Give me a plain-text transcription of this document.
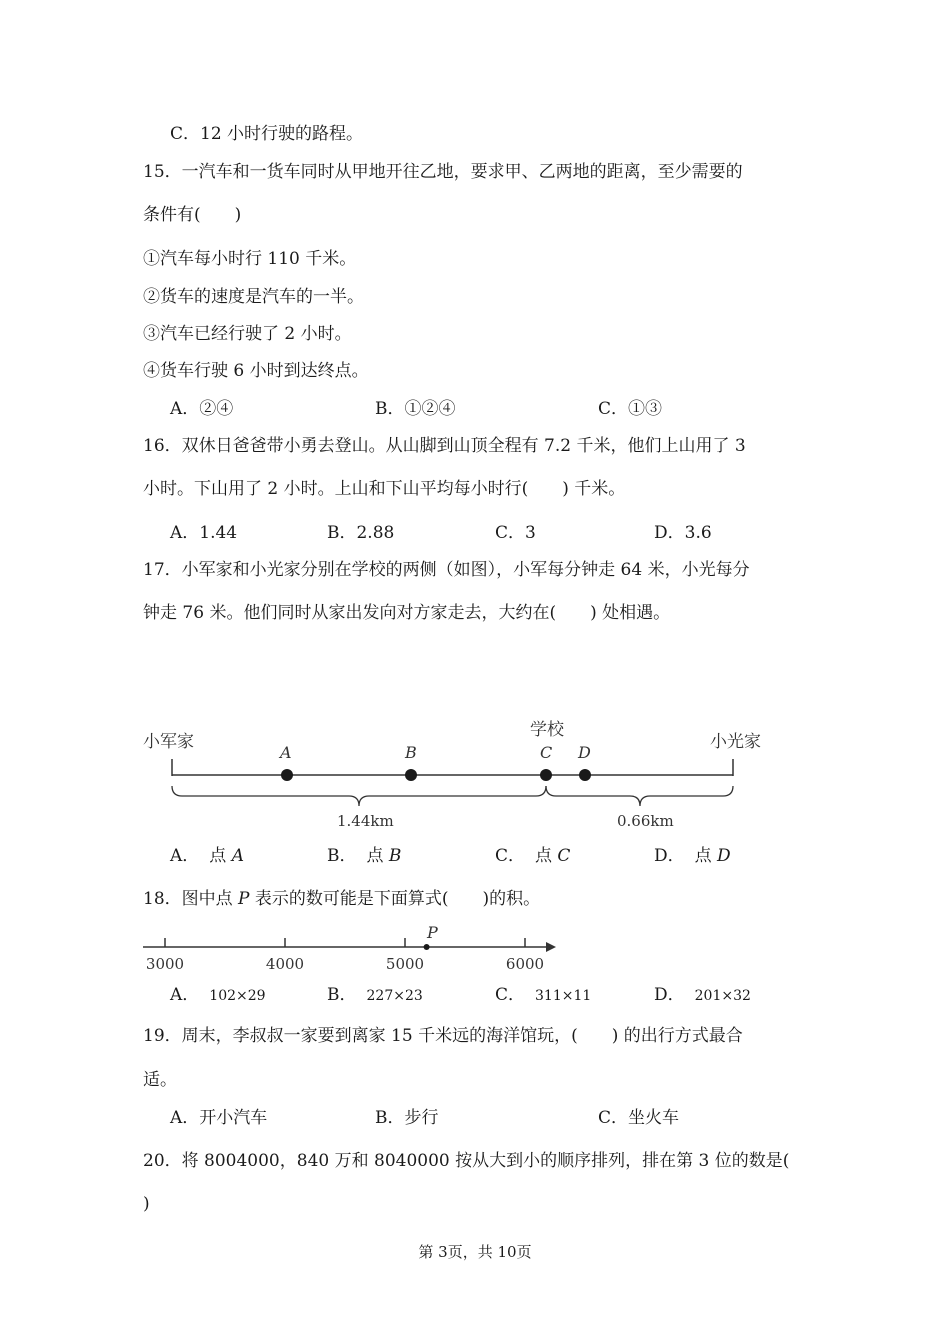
C．12 小时行驶的路程。
15．一汽车和一货车同时从甲地开往乙地，要求甲、乙两地的距离，至少需要的
条件有(　　)
①汽车每小时行 110 千米。
②货车的速度是汽车的一半。
③汽车已经行驶了 2 小时。
④货车行驶 6 小时到达终点。
A．②④	B．①②④	C．①③
16．双休日爸爸带小勇去登山。从山脚到山顶全程有 7.2 千米，他们上山用了 3
小时。下山用了 2 小时。上山和下山平均每小时行(　　) 千米。
A．1.44	B．2.88	C．3	D．3.6
17．小军家和小光家分别在学校的两侧（如图），小军每分钟走 64 米，小光每分
钟走 76 米。他们同时从家出发向对方家走去，大约在(　　) 处相遇。
小军家	小光家
学校
A	B	C D
1.44km	0.66km
P
3000	4000	5000	6000
A． 点 A	B． 点 B	C． 点 C	D． 点 D
18．图中点 P 表示的数可能是下面算式(　　)的积。
A． 102×29	B． 227×23	C． 311×11	D． 201×32
19．周末，李叔叔一家要到离家 15 千米远的海洋馆玩，(　　) 的出行方式最合
适。
A．开小汽车	B．步行	C．坐火车
20．将 8004000，840 万和 8040000 按从大到小的顺序排列，排在第 3 位的数是(
)
第 3页，共 10页
